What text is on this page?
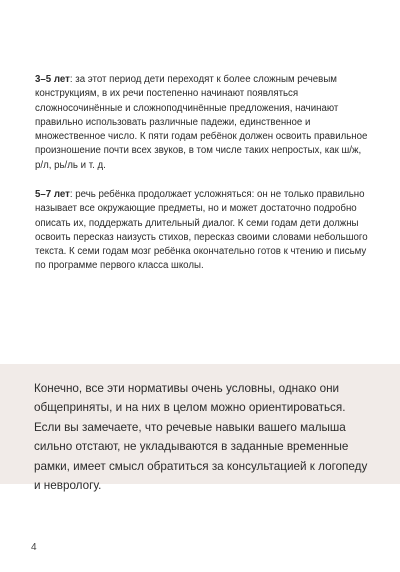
3–5 лет: за этот период дети переходят к более сложным речевым конструкциям, в их речи постепенно начинают появляться сложносочинённые и сложноподчинённые предложения, начинают правильно использовать различные падежи, единственное и множественное число. К пяти годам ребёнок должен освоить правильное произношение почти всех звуков, в том числе таких непростых, как ш/ж, р/л, рь/ль и т. д.

5–7 лет: речь ребёнка продолжает усложняться: он не только правильно называет все окружающие предметы, но и может достаточно подробно описать их, поддержать длительный диалог. К семи годам дети должны освоить пересказ наизусть стихов, пересказ своими словами небольшого текста. К семи годам мозг ребёнка окончательно готов к чтению и письму по программе первого класса школы.

Конечно, все эти нормативы очень условны, однако они общеприняты, и на них в целом можно ориентироваться. Если вы замечаете, что речевые навыки вашего малыша сильно отстают, не укладываются в заданные временные рамки, имеет смысл обратиться за консультацией к логопеду и неврологу.

4
